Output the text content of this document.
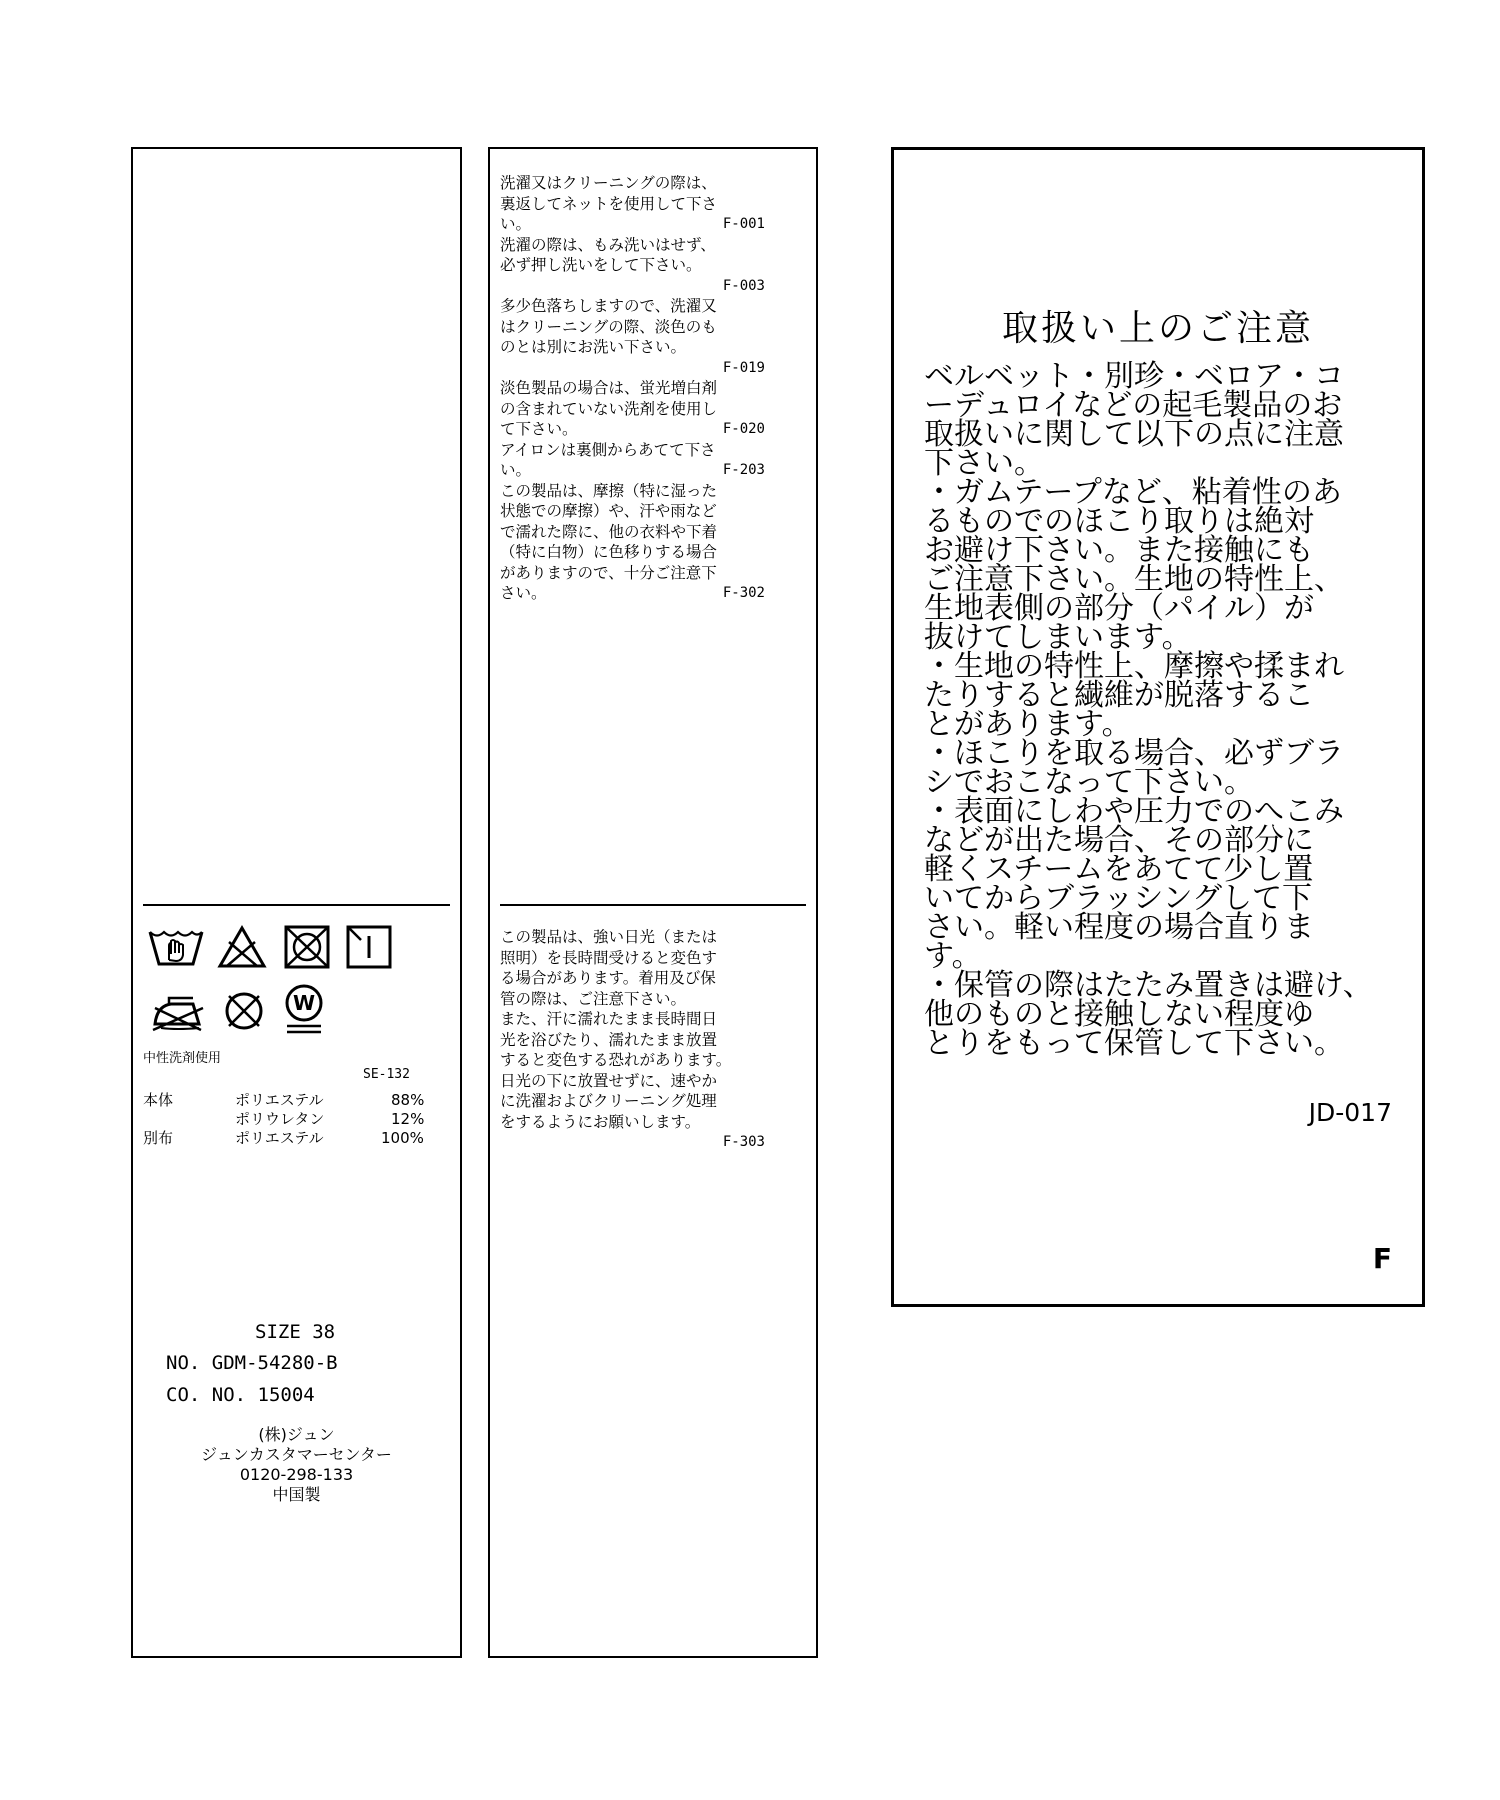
W
中性洗剤使用
SE-132
本体	ポリエステル	88%
ポリウレタン	12%
別布	ポリエステル	100%
SIZE 38
NO. GDM-54280-B
CO. NO. 15004
(株)ジュン
ジュンカスタマーセンター
0120-298-133
中国製
洗濯又はクリーニングの際は、
裏返してネットを使用して下さ
い。	F-001
洗濯の際は、もみ洗いはせず、
必ず押し洗いをして下さい。
F-003
多少色落ちしますので、洗濯又
はクリーニングの際、淡色のも
のとは別にお洗い下さい。
F-019
淡色製品の場合は、蛍光増白剤
の含まれていない洗剤を使用し
て下さい。	F-020
アイロンは裏側からあてて下さ
い。	F-203
この製品は、摩擦（特に湿った
状態での摩擦）や、汗や雨など
で濡れた際に、他の衣料や下着
（特に白物）に色移りする場合
がありますので、十分ご注意下
さい。	F-302
この製品は、強い日光（または
照明）を長時間受けると変色す
る場合があります。着用及び保
管の際は、ご注意下さい。
また、汗に濡れたまま長時間日
光を浴びたり、濡れたまま放置
すると変色する恐れがあります。
日光の下に放置せずに、速やか
に洗濯およびクリーニング処理
をするようにお願いします。
F-303
取扱い上のご注意
ベルベット・別珍・ベロア・コ
ーデュロイなどの起毛製品のお
取扱いに関して以下の点に注意
下さい。
・ガムテープなど、粘着性のあ
るものでのほこり取りは絶対
お避け下さい。また接触にも
ご注意下さい。生地の特性上、
生地表側の部分（パイル）が
抜けてしまいます。
・生地の特性上、摩擦や揉まれ
たりすると繊維が脱落するこ
とがあります。
・ほこりを取る場合、必ずブラ
シでおこなって下さい。
・表面にしわや圧力でのへこみ
などが出た場合、その部分に
軽くスチームをあてて少し置
いてからブラッシングして下
さい。軽い程度の場合直りま
す。
・保管の際はたたみ置きは避け、
他のものと接触しない程度ゆ
とりをもって保管して下さい。
JD-017
F
